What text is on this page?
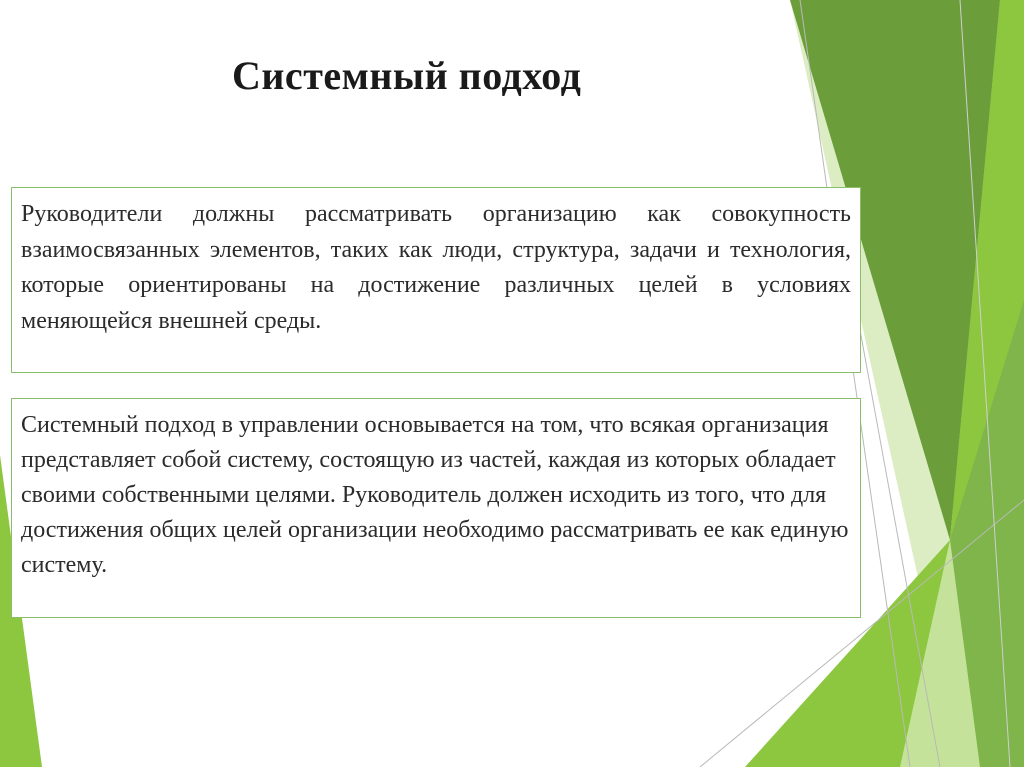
Системный подход
Руководители должны рассматривать организацию как совокупность взаимосвязанных элементов, таких как люди, структура, задачи и технология, которые ориентированы на достижение различных целей в условиях меняющейся внешней среды.
Системный подход в управлении основывается на том, что всякая организация представляет собой систему, состоящую из частей, каждая из которых обладает своими собственными целями. Руководитель должен исходить из того, что для достижения общих целей организации необходимо рассматривать ее как единую систему.
